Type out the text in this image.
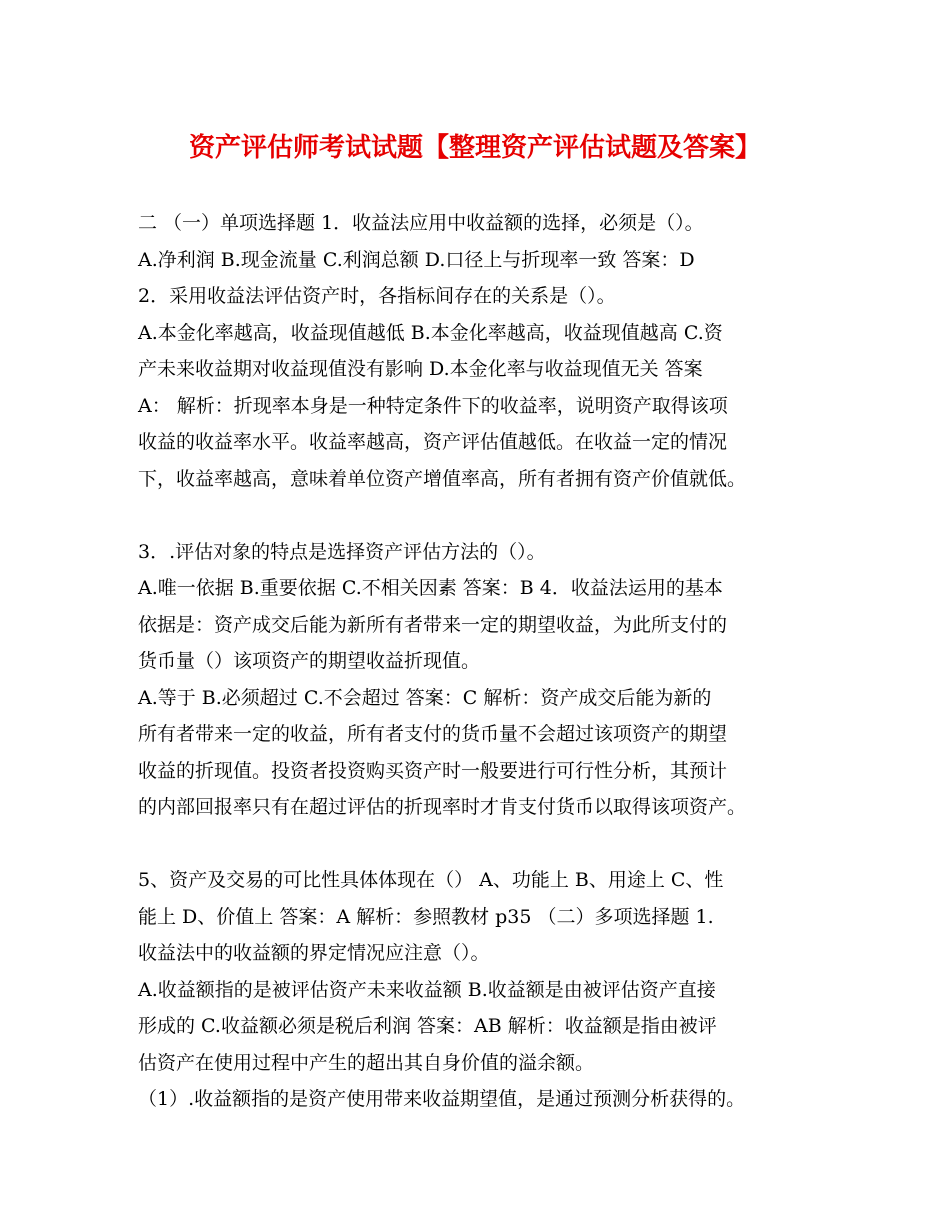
资产评估师考试试题【整理资产评估试题及答案】
二 （一）单项选择题 1．收益法应用中收益额的选择，必须是（）。
A.净利润 B.现金流量 C.利润总额 D.口径上与折现率一致 答案：D
2．采用收益法评估资产时，各指标间存在的关系是（）。
A.本金化率越高，收益现值越低 B.本金化率越高，收益现值越高 C.资
产未来收益期对收益现值没有影响 D.本金化率与收益现值无关 答案
A： 解析：折现率本身是一种特定条件下的收益率，说明资产取得该项
收益的收益率水平。收益率越高，资产评估值越低。在收益一定的情况
下，收益率越高，意味着单位资产增值率高，所有者拥有资产价值就低。
3．.评估对象的特点是选择资产评估方法的（）。
A.唯一依据 B.重要依据 C.不相关因素 答案：B 4．收益法运用的基本
依据是：资产成交后能为新所有者带来一定的期望收益，为此所支付的
货币量（）该项资产的期望收益折现值。
A.等于 B.必须超过 C.不会超过 答案：C 解析：资产成交后能为新的
所有者带来一定的收益，所有者支付的货币量不会超过该项资产的期望
收益的折现值。投资者投资购买资产时一般要进行可行性分析，其预计
的内部回报率只有在超过评估的折现率时才肯支付货币以取得该项资产。
5、资产及交易的可比性具体体现在（） A、功能上 B、用途上 C、性
能上 D、价值上 答案：A 解析：参照教材 p35 （二）多项选择题 1.
收益法中的收益额的界定情况应注意（）。
A.收益额指的是被评估资产未来收益额 B.收益额是由被评估资产直接
形成的 C.收益额必须是税后利润 答案：AB 解析：收益额是指由被评
估资产在使用过程中产生的超出其自身价值的溢余额。
（1）.收益额指的是资产使用带来收益期望值，是通过预测分析获得的。
